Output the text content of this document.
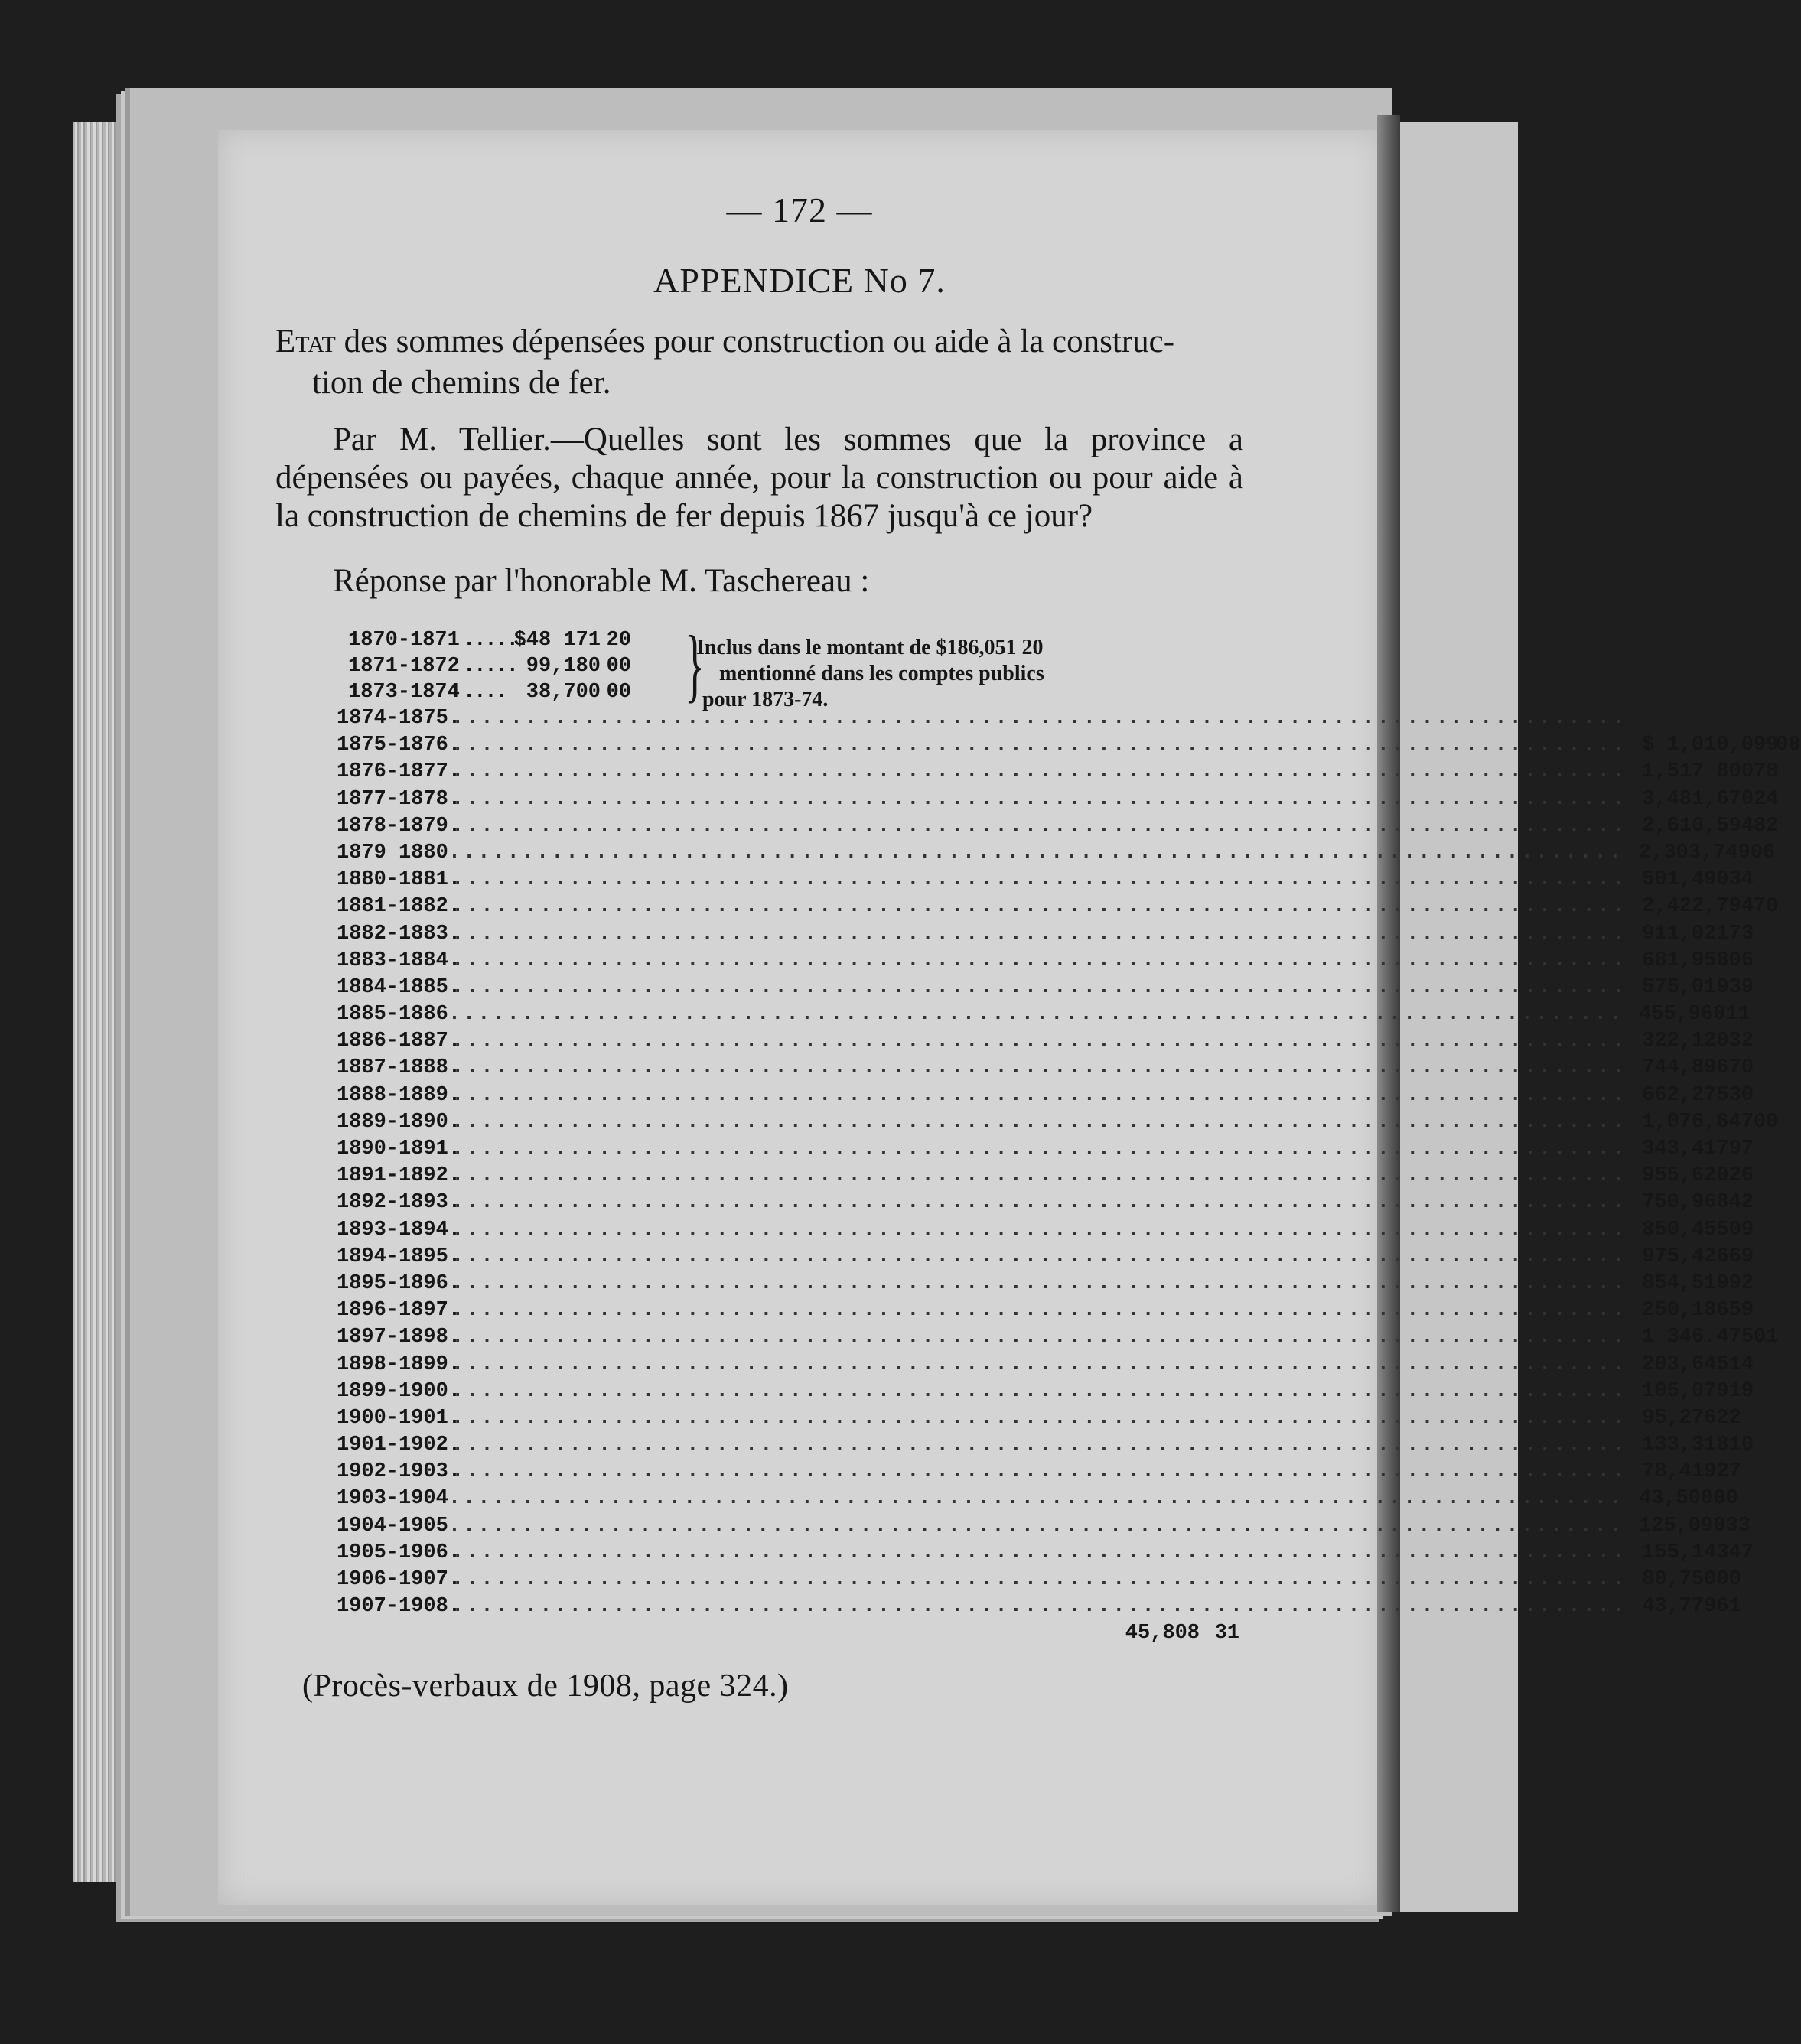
— 172 —
APPENDICE No 7.
Etat des sommes dépensées pour construction ou aide à la construc-
tion de chemins de fer.
Par M. Tellier.—Quelles sont les sommes que la province a dépensées ou payées, chaque année, pour la construction ou pour aide à la construction de chemins de fer depuis 1867 jusqu'à ce jour?
Réponse par l'honorable M. Taschereau :
1870-1871 ......
$48 171 20
1871-1872 ..... 99,180 00
1873-1874 .... 38,700 00 }
Inclus dans le montant de $186,051 20
mentionné dans les comptes publics
pour 1873-74.
1874-1875.
................................................................................
1875-1876.
................................................................................ $ 1,010,099
00
1876-1877.
................................................................................ 1,517 800 78
1877-1878.
................................................................................ 3,481,670 24
1878-1879.
................................................................................ 2,610,594 82
1879 1880 ................................................................................ 2,303,749 06
1880-1881.
................................................................................ 501,490 34
1881-1882.
................................................................................ 2,422,794 70
1882-1883.
................................................................................ 911,021 73
1883-1884.
................................................................................ 681,958 06
1884-1885.
................................................................................ 575,019 39
1885-1886 ................................................................................ 455,960 11
1886-1887.
................................................................................ 322,120 32
1887-1888.
................................................................................ 744,896 70
1888-1889.
................................................................................ 662,275 30
1889-1890.
................................................................................ 1,076,647 00
1890-1891.
................................................................................ 343,417 97
1891-1892.
................................................................................ 955,620 26
1892-1893.
................................................................................ 750,968 42
1893-1894.
................................................................................ 850,455 09
1894-1895.
................................................................................ 975,426 69
1895-1896.
................................................................................ 854,519 92
1896-1897.
................................................................................ 250,186 59
1897-1898.
................................................................................ 1 346.475 01
1898-1899.
................................................................................ 203,645 14
1899-1900.
................................................................................ 105,079 19
1900-1901.
................................................................................ 95,276 22
1901-1902.
................................................................................ 133,318 10
1902-1903.
................................................................................ 78,419 27
1903-1904 ................................................................................ 43,500 00
1904-1905 ................................................................................ 125,090 33
1905-1906.
................................................................................ 155,143 47
1906-1907.
................................................................................ 80,750 00
1907-1908.
................................................................................ 43,779 61
45,808 31
(Procès-verbaux de 1908, page 324.)
